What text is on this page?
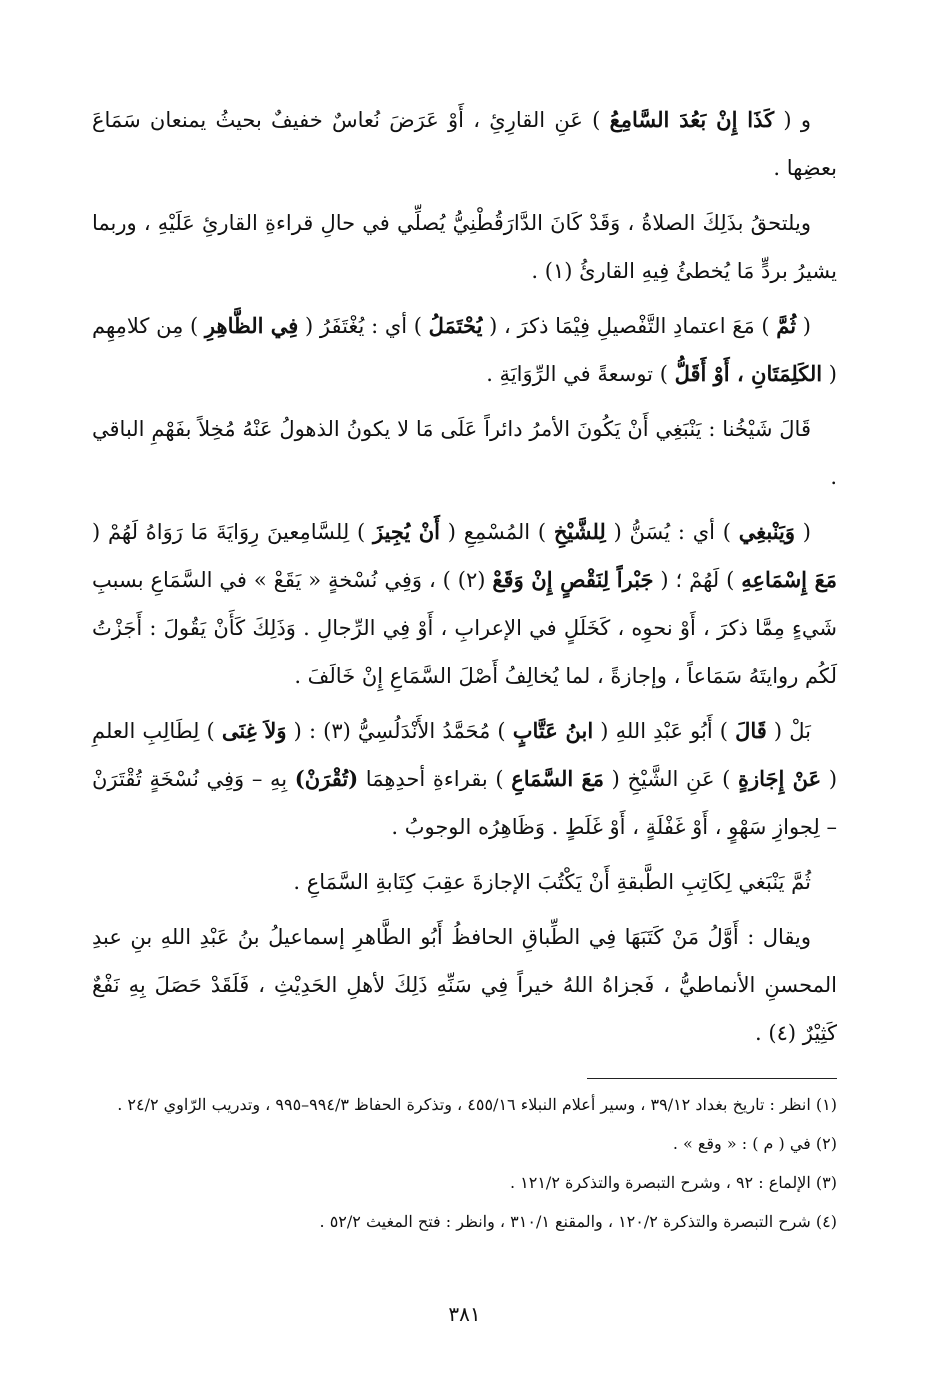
و ( كَذَا إِنْ بَعُدَ السَّامِعُ ) عَنِ القارِئِ ، أَوْ عَرَضَ نُعاسٌ خفيفٌ بحيثُ يمنعان سَمَاعَ بعضِها .

ويلتحقُ بذَلِكَ الصلاةُ ، وَقَدْ كَانَ الدَّارَقُطْنِيُّ يُصلِّي في حالِ قراءةِ القارئِ عَلَيْهِ ، وربما يشيرُ بردٍّ مَا يُخطئُ فِيهِ القارئُ (١) .

( ثُمَّ ) مَعَ اعتمادِ التَّفْصيلِ فِيْمَا ذكرَ ، ( يُحْتَمَلُ ) أي : يُغْتَفَرُ ( فِي الظَّاهِرِ ) مِن كلامِهِم ( الكَلِمَتَانِ ، أَوْ أَقَلُّ ) توسعةً في الرِّوَايَةِ .

قَالَ شَيْخُنا : يَنْبَغِي أَنْ يَكُونَ الأمرُ دائراً عَلَى مَا لا يكونُ الذهولُ عَنْهُ مُخِلاً بفَهْمِ الباقي .

( وَيَنْبغِي ) أي : يُسَنُّ ( لِلشَّيْخِ ) المُسْمِعِ ( أَنْ يُجِيزَ ) لِلسَّامِعينَ رِوَايَةَ مَا رَوَاهُ لَهُمْ ( مَعَ إِسْمَاعِهِ ) لَهُمْ ؛ ( جَبْراً لِنَقْصٍ إِنْ وَقَعْ (٢) ) ، وَفِي نُسْخةٍ « يَقَعْ » في السَّمَاعِ بسببِ شَيءٍ مِمَّا ذكرَ ، أَوْ نحوِه ، كَخَلَلٍ في الإعرابِ ، أَوْ فِي الرِّجالِ . وَذَلِكَ كَأَنْ يَقُولَ : أَجَزْتُ لَكُم روايتَهُ سَمَاعاً ، وإجازةً ، لما يُخالِفُ أَصْلَ السَّمَاعِ إِنْ خَالَفَ .

بَلْ ( قَالَ ) أَبُو عَبْدِ اللهِ ( ابنُ عَتَّابٍ ) مُحَمَّدُ الأَنْدَلُسِيُّ (٣) : ( وَلاَ غِنَى ) لِطَالِبِ العلمِ ( عَنْ إِجَازةٍ ) عَنِ الشَّيْخِ ( مَعَ السَّمَاعِ ) بقراءةِ أحدِهِمَا (تُقْرَنْ) بِهِ – وَفِي نُسْخَةٍ تُقْتَرَنْ – لِجوازِ سَهْوٍ ، أَوْ غَفْلَةٍ ، أَوْ غَلَطٍ . وَظَاهِرُه الوجوبُ .

ثُمَّ يَنْبَغي لِكَاتِبِ الطَّبقةِ أَنْ يَكْتُبَ الإجازةَ عقِبَ كِتَابةِ السَّمَاعِ .

ويقال : أَوَّلُ مَنْ كَتَبَهَا فِي الطِّباقِ الحافظُ أَبُو الطَّاهرِ إسماعيلُ بنُ عَبْدِ اللهِ بنِ عبدِ المحسنِ الأنماطيُّ ، فَجزاهُ اللهُ خيراً فِي سَنِّهِ ذَلِكَ لأهلِ الحَدِيْثِ ، فَلَقَدْ حَصَلَ بِهِ نَفْعٌ كَثِيْرٌ (٤) .

(١) انظر : تاريخ بغداد ٣٩/١٢ ، وسير أعلام النبلاء ٤٥٥/١٦ ، وتذكرة الحفاظ ٩٩٤/٣–٩٩٥ ، وتدريب الرّاوي ٢٤/٢ .

(٢) في ( م ) : « وقع » .

(٣) الإلماع : ٩٢ ، وشرح التبصرة والتذكرة ١٢١/٢ .

(٤) شرح التبصرة والتذكرة ١٢٠/٢ ، والمقنع ٣١٠/١ ، وانظر : فتح المغيث ٥٢/٢ .

٣٨١
